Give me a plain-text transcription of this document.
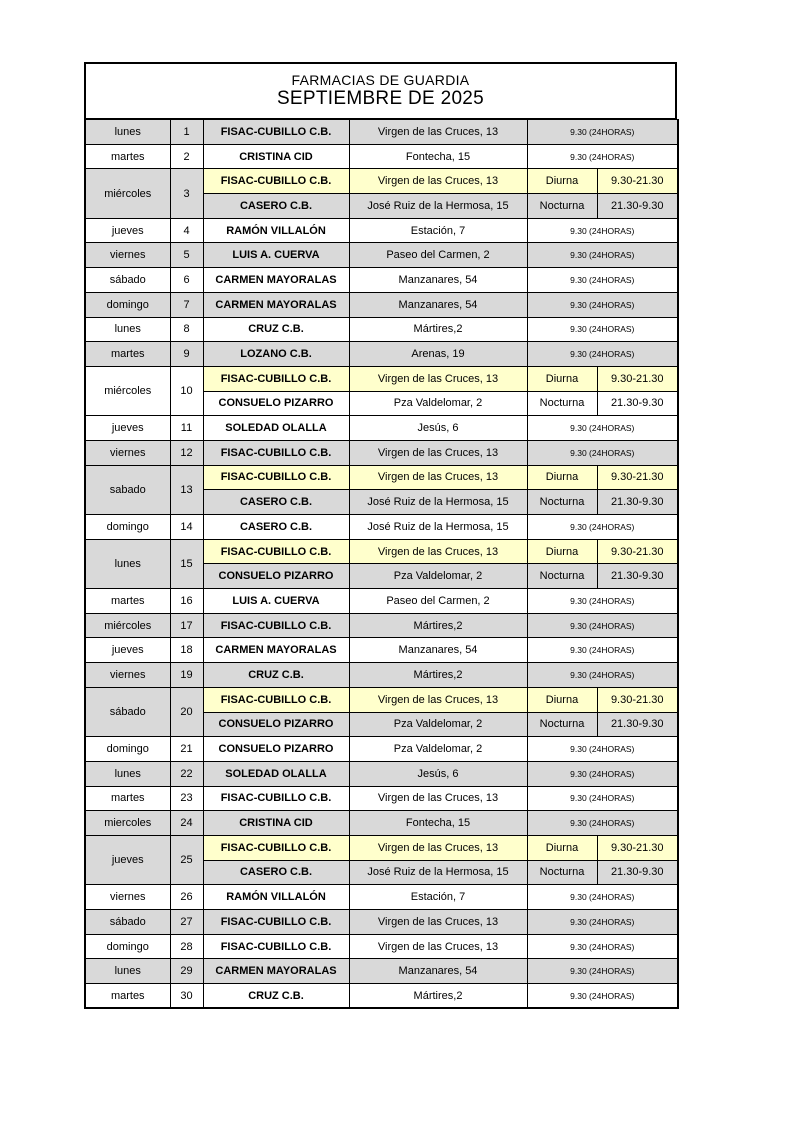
FARMACIAS DE GUARDIA
SEPTIEMBRE DE 2025
lunes	1	FISAC-CUBILLO C.B.	Virgen de las Cruces, 13	9.30 (24HORAS)	
martes	2	CRISTINA CID	Fontecha, 15	9.30 (24HORAS)	
miércoles	3	FISAC-CUBILLO C.B.	Virgen de las Cruces, 13	Diurna	9.30-21.30
		CASERO C.B.	José Ruiz de la Hermosa, 15	Nocturna	21.30-9.30
jueves	4	RAMÓN VILLALÓN	Estación, 7	9.30 (24HORAS)	
viernes	5	LUIS A. CUERVA	Paseo del Carmen, 2	9.30 (24HORAS)	
sábado	6	CARMEN MAYORALAS	Manzanares, 54	9.30 (24HORAS)	
domingo	7	CARMEN MAYORALAS	Manzanares, 54	9.30 (24HORAS)	
lunes	8	CRUZ C.B.	Mártires,2	9.30 (24HORAS)	
martes	9	LOZANO C.B.	Arenas, 19	9.30 (24HORAS)	
miércoles	10	FISAC-CUBILLO C.B.	Virgen de las Cruces, 13	Diurna	9.30-21.30
		CONSUELO PIZARRO	Pza Valdelomar, 2	Nocturna	21.30-9.30
jueves	11	SOLEDAD OLALLA	Jesús, 6	9.30 (24HORAS)	
viernes	12	FISAC-CUBILLO C.B.	Virgen de las Cruces, 13	9.30 (24HORAS)	
sabado	13	FISAC-CUBILLO C.B.	Virgen de las Cruces, 13	Diurna	9.30-21.30
		CASERO C.B.	José Ruiz de la Hermosa, 15	Nocturna	21.30-9.30
domingo	14	CASERO C.B.	José Ruiz de la Hermosa, 15	9.30 (24HORAS)	
lunes	15	FISAC-CUBILLO C.B.	Virgen de las Cruces, 13	Diurna	9.30-21.30
		CONSUELO PIZARRO	Pza Valdelomar, 2	Nocturna	21.30-9.30
martes	16	LUIS A. CUERVA	Paseo del Carmen, 2	9.30 (24HORAS)	
miércoles	17	FISAC-CUBILLO C.B.	Mártires,2	9.30 (24HORAS)	
jueves	18	CARMEN MAYORALAS	Manzanares, 54	9.30 (24HORAS)	
viernes	19	CRUZ C.B.	Mártires,2	9.30 (24HORAS)	
sábado	20	FISAC-CUBILLO C.B.	Virgen de las Cruces, 13	Diurna	9.30-21.30
		CONSUELO PIZARRO	Pza Valdelomar, 2	Nocturna	21.30-9.30
domingo	21	CONSUELO PIZARRO	Pza Valdelomar, 2	9.30 (24HORAS)	
lunes	22	SOLEDAD OLALLA	Jesús, 6	9.30 (24HORAS)	
martes	23	FISAC-CUBILLO C.B.	Virgen de las Cruces, 13	9.30 (24HORAS)	
miercoles	24	CRISTINA CID	Fontecha, 15	9.30 (24HORAS)	
jueves	25	FISAC-CUBILLO C.B.	Virgen de las Cruces, 13	Diurna	9.30-21.30
		CASERO C.B.	José Ruiz de la Hermosa, 15	Nocturna	21.30-9.30
viernes	26	RAMÓN VILLALÓN	Estación, 7	9.30 (24HORAS)	
sábado	27	FISAC-CUBILLO C.B.	Virgen de las Cruces, 13	9.30 (24HORAS)	
domingo	28	FISAC-CUBILLO C.B.	Virgen de las Cruces, 13	9.30 (24HORAS)	
lunes	29	CARMEN MAYORALAS	Manzanares, 54	9.30 (24HORAS)	
martes	30	CRUZ C.B.	Mártires,2	9.30 (24HORAS)	
